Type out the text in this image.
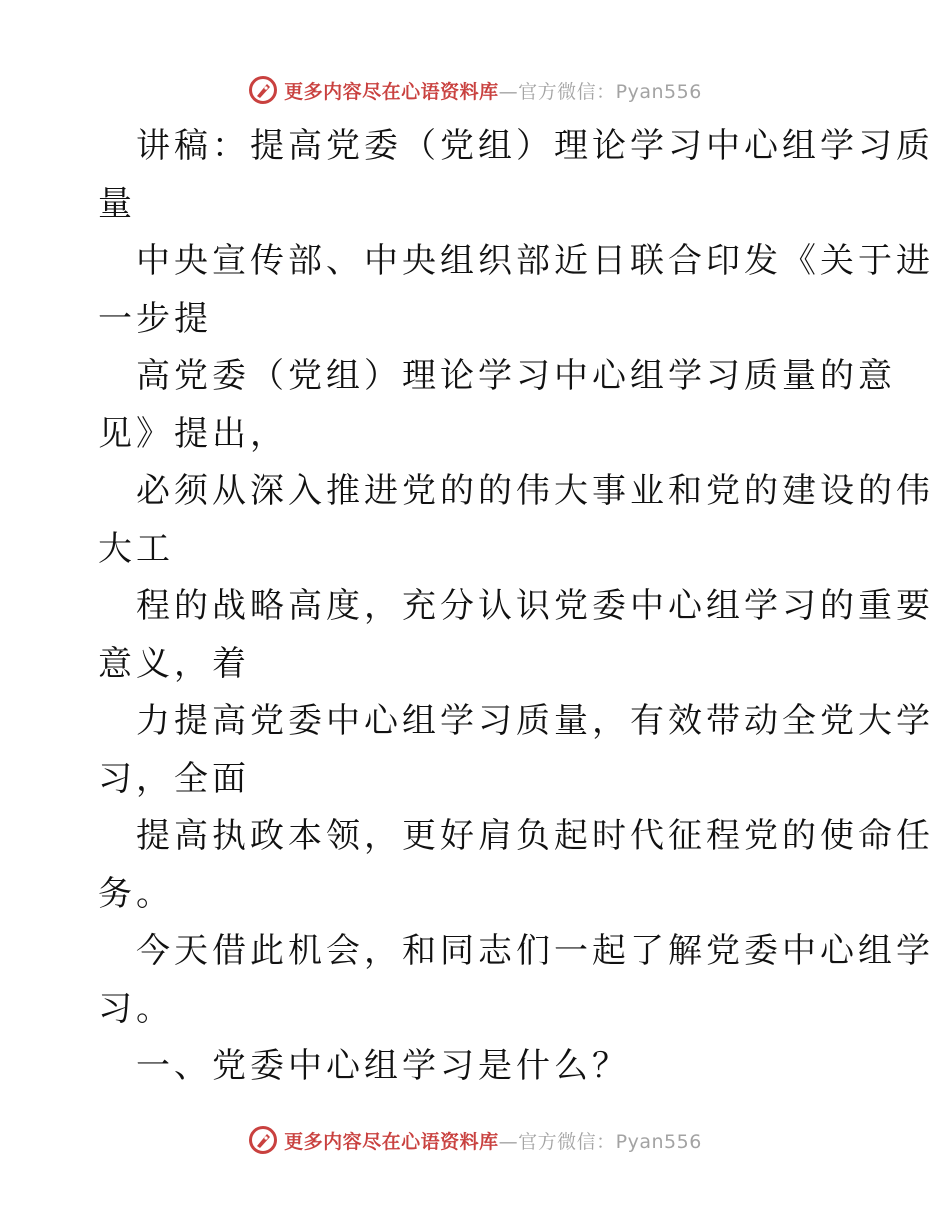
更多内容尽在心语资料库 —官方微信：Pyan556
讲稿：提高党委（党组）理论学习中心组学习质
量
中央宣传部、中央组织部近日联合印发《关于进
一步提
高党委（党组）理论学习中心组学习质量的意
见》提出，
必须从深入推进党的的伟大事业和党的建设的伟
大工
程的战略高度，充分认识党委中心组学习的重要
意义，着
力提高党委中心组学习质量，有效带动全党大学
习，全面
提高执政本领，更好肩负起时代征程党的使命任
务。
今天借此机会，和同志们一起了解党委中心组学
习。
一、党委中心组学习是什么？
更多内容尽在心语资料库 —官方微信：Pyan556
